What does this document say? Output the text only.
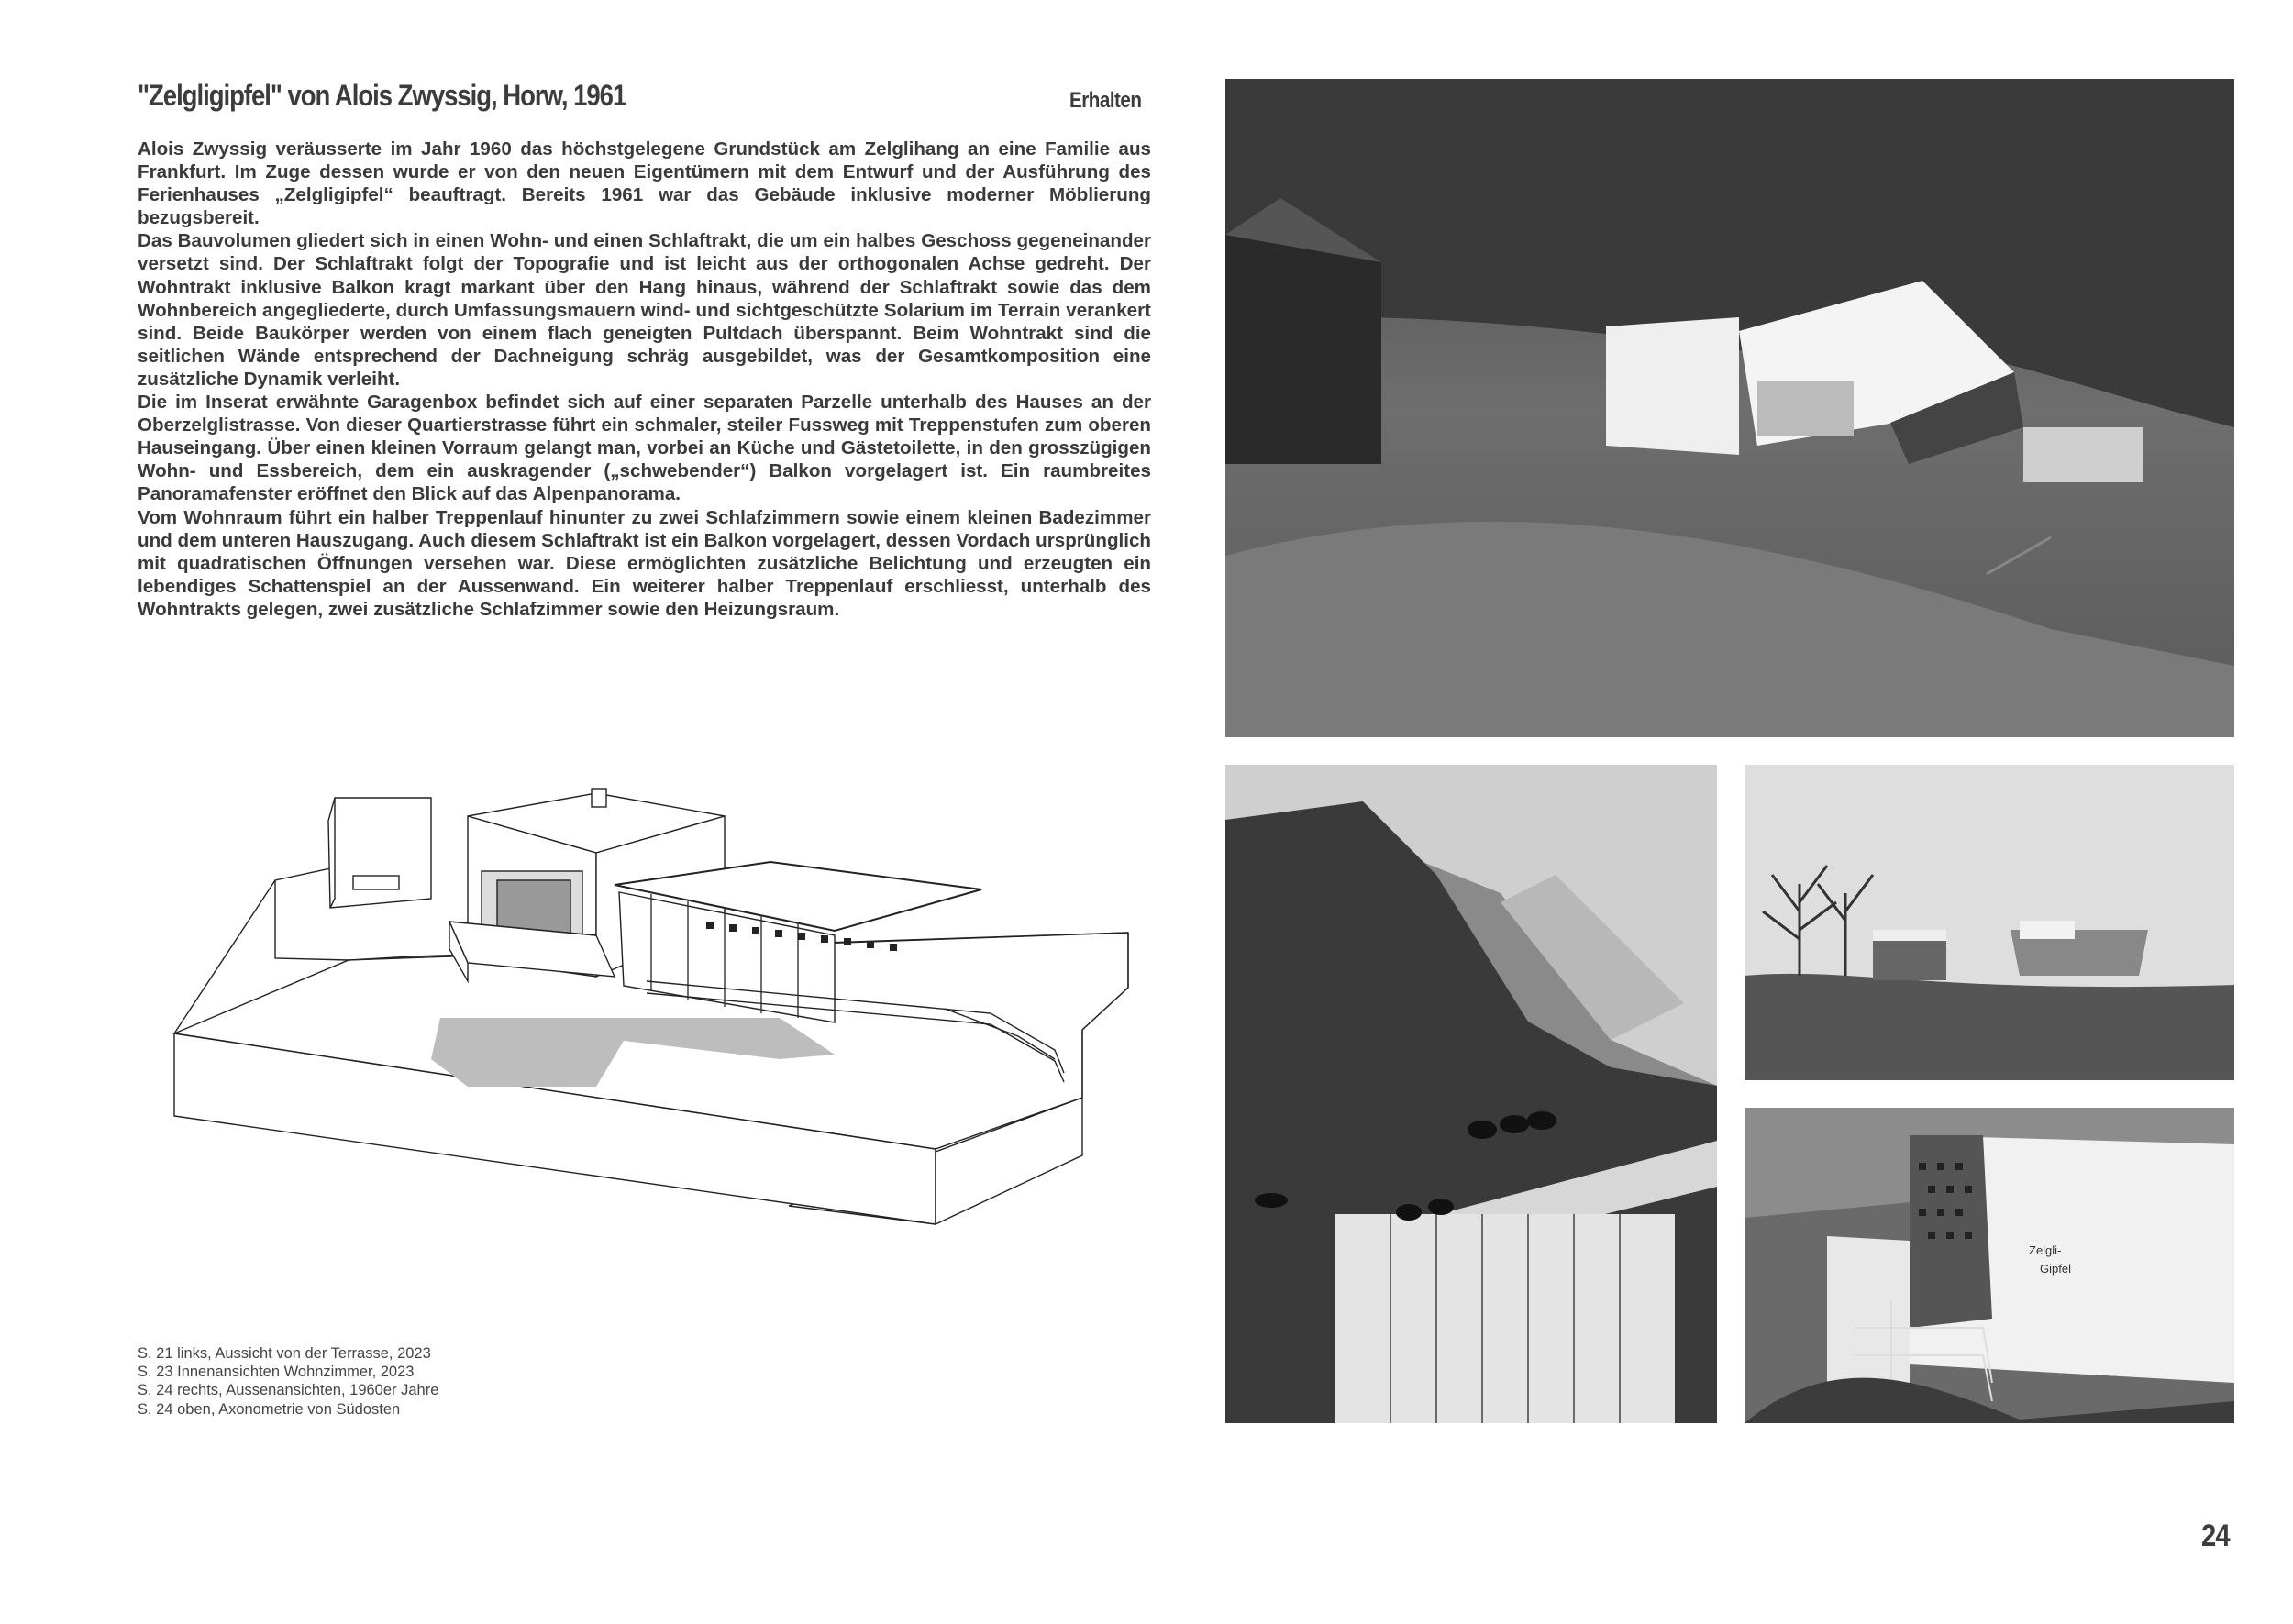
"Zelgligipfel" von Alois Zwyssig, Horw, 1961	Erhalten

Alois Zwyssig veräusserte im Jahr 1960 das höchstgelegene Grundstück am Zelglihang an eine Familie aus Frankfurt. Im Zuge dessen wurde er von den neuen Eigentümern mit dem Entwurf und der Ausführung des Ferienhauses „Zelgligipfel“ beauftragt. Bereits 1961 war das Gebäude inklusive moderner Möblierung bezugsbereit.

Das Bauvolumen gliedert sich in einen Wohn- und einen Schlaftrakt, die um ein halbes Geschoss gegeneinander versetzt sind. Der Schlaftrakt folgt der Topografie und ist leicht aus der orthogonalen Achse gedreht. Der Wohntrakt inklusive Balkon kragt markant über den Hang hinaus, während der Schlaftrakt sowie das dem Wohnbereich angegliederte, durch Umfassungsmauern wind- und sichtgeschützte Solarium im Terrain verankert sind. Beide Baukörper werden von einem flach geneigten Pultdach überspannt. Beim Wohntrakt sind die seitlichen Wände entsprechend der Dachneigung schräg ausgebildet, was der Gesamtkomposition eine zusätzliche Dynamik verleiht.

Die im Inserat erwähnte Garagenbox befindet sich auf einer separaten Parzelle unterhalb des Hauses an der Oberzelglistrasse. Von dieser Quartierstrasse führt ein schmaler, steiler Fussweg mit Treppenstufen zum oberen Hauseingang. Über einen kleinen Vorraum gelangt man, vorbei an Küche und Gästetoilette, in den grosszügigen Wohn- und Essbereich, dem ein auskragender („schwebender“) Balkon vorgelagert ist. Ein raumbreites Panoramafenster eröffnet den Blick auf das Alpenpanorama.

Vom Wohnraum führt ein halber Treppenlauf hinunter zu zwei Schlafzimmern sowie einem kleinen Badezimmer und dem unteren Hauszugang. Auch diesem Schlaftrakt ist ein Balkon vorgelagert, dessen Vordach ursprünglich mit quadratischen Öffnungen versehen war. Diese ermöglichten zusätzliche Belichtung und erzeugten ein lebendiges Schattenspiel an der Aussenwand. Ein weiterer halber Treppenlauf erschliesst, unterhalb des Wohntrakts gelegen, zwei zusätzliche Schlafzimmer sowie den Heizungsraum.

S. 21 links, Aussicht von der Terrasse, 2023
S. 23 Innenansichten Wohnzimmer, 2023
S. 24 rechts, Aussenansichten, 1960er Jahre
S. 24 oben, Axonometrie von Südosten
Zelgli-
Gipfel
24
